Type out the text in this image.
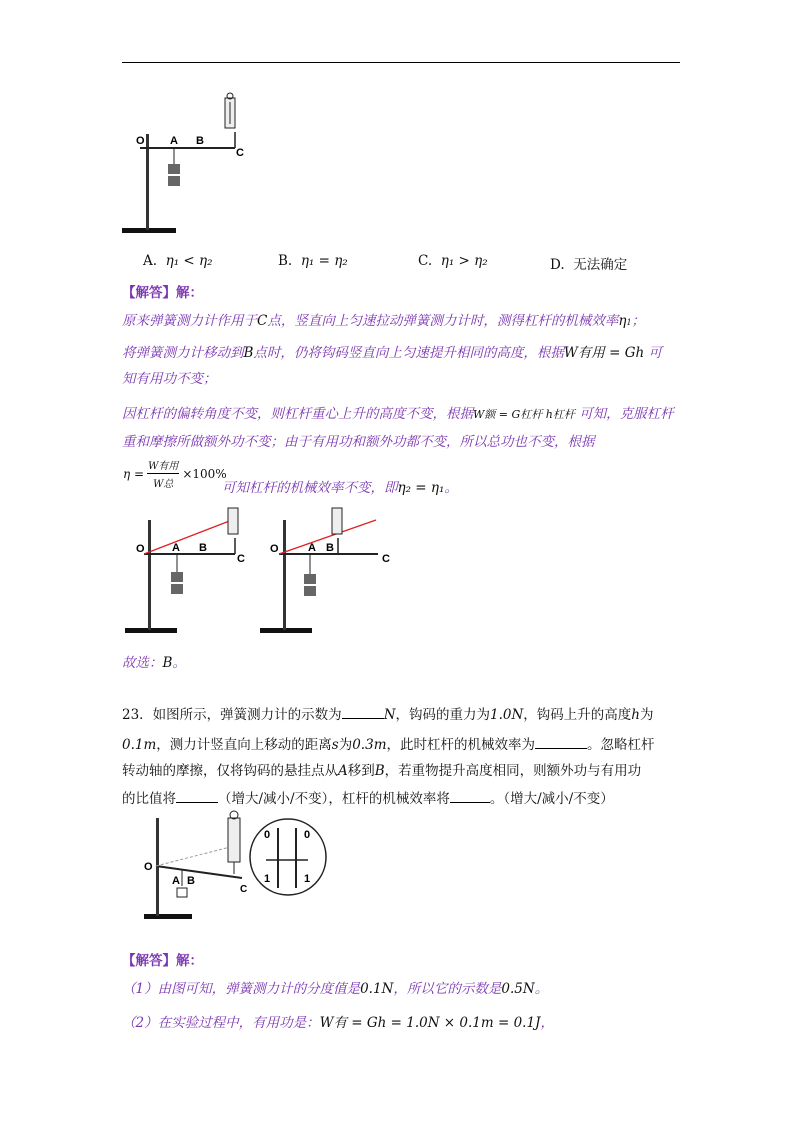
O A B
C
A. η₁ < η₂	B. η₁ = η₂	C. η₁ > η₂	D. 无法确定
【解答】解：
原来弹簧测力计作用于C点，竖直向上匀速拉动弹簧测力计时，测得杠杆的机械效率η1；
将弹簧测力计移动到B点时，仍将钩码竖直向上匀速提升相同的高度，根据W有用 = Gh 可
知有用功不变；
因杠杆的偏转角度不变，则杠杆重心上升的高度不变，根据W额 = G杠杆 h杠杆 可知，克服杠杆
重和摩擦所做额外功不变；由于有用功和额外功都不变，所以总功也不变，根据
η =	W有用	×100%
W总	可知杠杆的机械效率不变，即η₂ = η₁。
O A B
C
O	A B
C
故选：B。
23．如图所示，弹簧测力计的示数为	N，钩码的重力为1.0N，钩码上升的高度h为
0.1m，测力计竖直向上移动的距离s为0.3m，此时杠杆的机械效率为	。忽略杠杆
转动轴的摩擦，仅将钩码的悬挂点从A移到B，若重物提升高度相同，则额外功与有用功
的比值将	（增大/减小/不变），杠杆的机械效率将	。（增大/减小/不变）
0	0
1	1
O
A B
C
【解答】解：
（1）由图可知，弹簧测力计的分度值是0.1N，所以它的示数是0.5N。
（2）在实验过程中，有用功是：W有 = Gh = 1.0N × 0.1m = 0.1J，
